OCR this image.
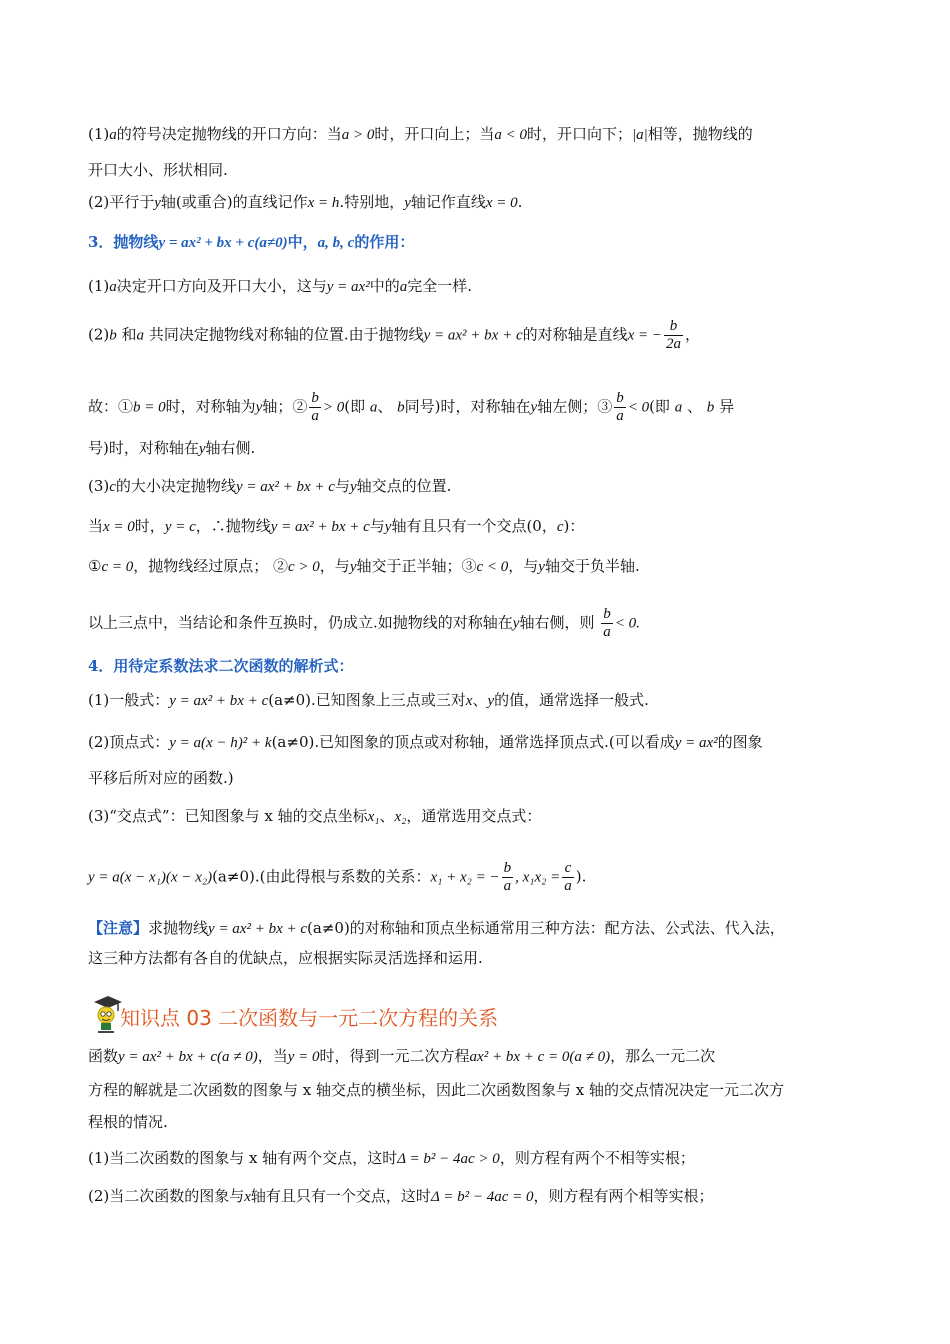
(1)a的符号决定抛物线的开口方向：当a > 0时，开口向上；当a < 0时，开口向下；|a|相等，抛物线的
开口大小、形状相同.
(2)平行于y轴(或重合)的直线记作x = h.特别地，y轴记作直线x = 0.
3．抛物线y = ax² + bx + c(a≠0)中，a, b, c的作用：
(1)a决定开口方向及开口大小，这与y = ax²中的a完全一样.
(2)b 和a 共同决定抛物线对称轴的位置.由于抛物线y = ax² + bx + c的对称轴是直线x = − $\frac{b}{2a}$ ，
故：①b = 0时，对称轴为y轴；② $\frac{b}{a} > 0$(即 a、 b同号)时，对称轴在y轴左侧；③ $\frac{b}{a} < 0$(即 a 、 b 异
号)时，对称轴在y轴右侧.
(3)c的大小决定抛物线y = ax² + bx + c与y轴交点的位置.
当x = 0时，y = c，∴抛物线y = ax² + bx + c与y轴有且只有一个交点(0，c)：
①c = 0，抛物线经过原点； ②c > 0，与y轴交于正半轴；③c < 0，与y轴交于负半轴.
以上三点中，当结论和条件互换时，仍成立.如抛物线的对称轴在y轴右侧，则 $\frac{b}{a} < 0$.
4．用待定系数法求二次函数的解析式：
(1)一般式：y = ax² + bx + c(a≠0).已知图象上三点或三对x、y的值，通常选择一般式.
(2)顶点式：y = a(x − h)² + k(a≠0).已知图象的顶点或对称轴，通常选择顶点式.(可以看成y = ax²的图象
平移后所对应的函数.)
(3)“交点式”：已知图象与 x 轴的交点坐标x₁、x₂，通常选用交点式：
y = a(x − x₁)(x − x₂)(a≠0).(由此得根与系数的关系：x₁ + x₂ = − $\frac{b}{a}$ , $x_1x_2 = \frac{c}{a}$ ).
【注意】求抛物线y = ax² + bx + c(a≠0)的对称轴和顶点坐标通常用三种方法：配方法、公式法、代入法，
这三种方法都有各自的优缺点，应根据实际灵活选择和运用.
知识点 03 二次函数与一元二次方程的关系
函数y = ax² + bx + c(a ≠ 0)，当y = 0时，得到一元二次方程ax² + bx + c = 0(a ≠ 0)，那么一元二次
方程的解就是二次函数的图象与 x 轴交点的横坐标，因此二次函数图象与 x 轴的交点情况决定一元二次方
程根的情况.
(1)当二次函数的图象与 x 轴有两个交点，这时Δ = b² − 4ac > 0，则方程有两个不相等实根；
(2)当二次函数的图象与x轴有且只有一个交点，这时Δ = b² − 4ac = 0，则方程有两个相等实根；
